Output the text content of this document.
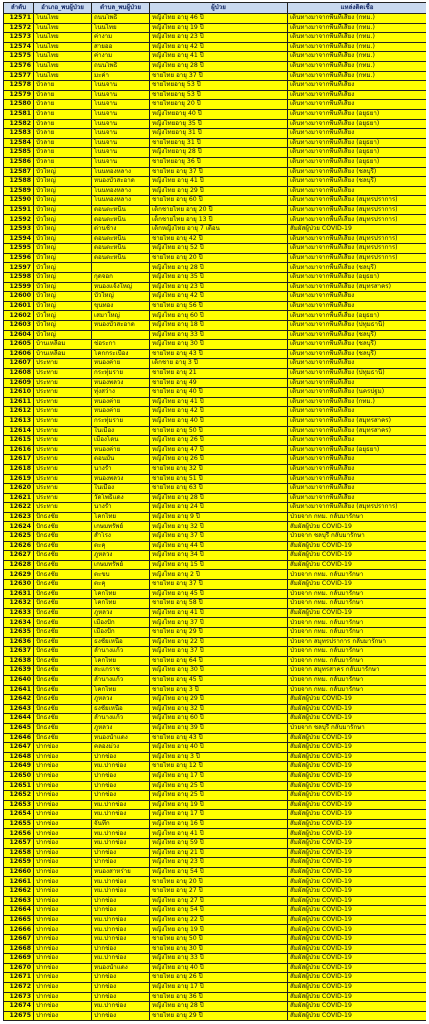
ลำดับ	อำเภอ_พบผู้ป่วย	ตำบล_พบผู้ป่วย	ผู้ป่วย	แหล่งติดเชื้อ
12571	โนนไทย	ถนนโพธิ์	หญิงไทย อายุ 46 ปี	เดินทางมาจากพื้นที่เสี่ยง (กทม.)
12572	โนนไทย	โนนไทย	หญิงไทย อายุ 19 ปี	เดินทางมาจากพื้นที่เสี่ยง (กทม.)
12573	โนนไทย	ค่างาม	หญิงไทย อายุ 23 ปี	เดินทางมาจากพื้นที่เสี่ยง (กทม.)
12574	โนนไทย	สายออ	หญิงไทย อายุ 42 ปี	เดินทางมาจากพื้นที่เสี่ยง (กทม.)
12575	โนนไทย	ค่างาม	หญิงไทย อายุ 41 ปี	เดินทางมาจากพื้นที่เสี่ยง (กทม.)
12576	โนนไทย	ถนนโพธิ์	หญิงไทย อายุ 28 ปี	เดินทางมาจากพื้นที่เสี่ยง (กทม.)
12577	โนนไทย	มะค่า	ชายไทย อายุ 37 ปี	เดินทางมาจากพื้นที่เสี่ยง (กทม.)
12578	บัวลาย	โนนจาน	ชายไทยอายุ 53 ปี	เดินทางมาจากพื้นที่เสี่ยง
12579	บัวลาย	โนนจาน	ชายไทยอายุ 53 ปี	เดินทางมาจากพื้นที่เสี่ยง
12580	บัวลาย	โนนจาน	ชายไทยอายุ 20 ปี	เดินทางมาจากพื้นที่เสี่ยง
12581	บัวลาย	โนนจาน	หญิงไทยอายุ 40 ปี	เดินทางมาจากพื้นที่เสี่ยง (อยุธยา)
12582	บัวลาย	โนนจาน	หญิงไทยอายุ 35 ปี	เดินทางมาจากพื้นที่เสี่ยง (อยุธยา)
12583	บัวลาย	โนนจาน	หญิงไทยอายุ 31 ปี	เดินทางมาจากพื้นที่เสี่ยง
12584	บัวลาย	โนนจาน	ชายไทยอายุ 31 ปี	เดินทางมาจากพื้นที่เสี่ยง (อยุธยา)
12585	บัวลาย	โนนจาน	หญิงไทยอายุ 28 ปี	เดินทางมาจากพื้นที่เสี่ยง (อยุธยา)
12586	บัวลาย	โนนจาน	ชายไทยอายุ 36 ปี	เดินทางมาจากพื้นที่เสี่ยง (อยุธยา)
12587	บัวใหญ่	โนนทองหลาง	ชายไทย อายุ 37 ปี	เดินทางมาจากพื้นที่เสี่ยง (ชลบุรี)
12588	บัวใหญ่	หนองบัวสะอาด	หญิงไทย อายุ 41 ปี	เดินทางมาจากพื้นที่เสี่ยง (ชลบุรี)
12589	บัวใหญ่	โนนทองหลาง	หญิงไทย อายุ 29 ปี	เดินทางมาจากพื้นที่เสี่ยง
12590	บัวใหญ่	โนนทองหลาง	ชายไทย อายุ 60 ปี	เดินทางมาจากพื้นที่เสี่ยง (สมุทรปราการ)
12591	บัวใหญ่	ดอนตะหนิน	เด็กชายไทย อายุ 20 ปี	เดินทางมาจากพื้นที่เสี่ยง (สมุทรปราการ)
12592	บัวใหญ่	ดอนตะหนิน	เด็กชายไทย อายุ 13 ปี	เดินทางมาจากพื้นที่เสี่ยง (สมุทรปราการ)
12593	บัวใหญ่	ด่านช้าง	เด็กหญิงไทย อายุ 7 เดือน	สัมผัสผู้ป่วย COVID-19
12594	บัวใหญ่	ดอนตะหนิน	ชายไทย อายุ 42 ปี	เดินทางมาจากพื้นที่เสี่ยง (สมุทรปราการ)
12595	บัวใหญ่	ดอนตะหนิน	หญิงไทย อายุ 52 ปี	เดินทางมาจากพื้นที่เสี่ยง (สมุทรปราการ)
12596	บัวใหญ่	ดอนตะหนิน	ชายไทย อายุ 20 ปี	เดินทางมาจากพื้นที่เสี่ยง (สมุทรปราการ)
12597	บัวใหญ่		หญิงไทย อายุ 28 ปี	เดินทางมาจากพื้นที่เสี่ยง (ชลบุรี)
12598	บัวใหญ่	กุดจอก	หญิงไทย อายุ 35 ปี	เดินทางมาจากพื้นที่เสี่ยง (อยุธยา)
12599	บัวใหญ่	หนองแจ้งใหญ่	หญิงไทย อายุ 23 ปี	เดินทางมาจากพื้นที่เสี่ยง (สมุทรสาคร)
12600	บัวใหญ่	บัวใหญ่	หญิงไทย อายุ 42 ปี	เดินทางมาจากพื้นที่เสี่ยง
12601	บัวใหญ่	ขุนทอง	ชายไทย อายุ 56 ปี	เดินทางมาจากพื้นที่เสี่ยง
12602	บัวใหญ่	เสมาใหญ่	หญิงไทย อายุ 60 ปี	เดินทางมาจากพื้นที่เสี่ยง (อยุธยา)
12603	บัวใหญ่	หนองบัวสะอาด	หญิงไทย อายุ 18 ปี	เดินทางมาจากพื้นที่เสี่ยง (ปทุมธานี)
12604	บัวใหญ่		หญิงไทย อายุ 33 ปี	เดินทางมาจากพื้นที่เสี่ยง (ชลบุรี)
12605	บ้านเหลื่อม	ช่อระกา	หญิงไทย อายุ 30 ปี	เดินทางมาจากพื้นที่เสี่ยง (ชลบุรี)
12606	บ้านเหลื่อม	โคกกระเบื้อง	ชายไทย อายุ 43 ปี	เดินทางมาจากพื้นที่เสี่ยง (ชลบุรี)
12607	ประทาย	หนองค่าย	เด็กชาย อายุ 3 ปี	เดินทางมาจากพื้นที่เสี่ยง
12608	ประทาย	กระทุ่มราย	ชายไทย อายุ 21	เดินทางมาจากพื้นที่เสี่ยง (ปทุมธานี)
12609	ประทาย	หนองพลวง	ชายไทย อายุ 49	เดินทางมาจากพื้นที่เสี่ยง
12610	ประทาย	ทุ่งสว่าง	ชายไทย อายุ 40 ปี	เดินทางมาจากพื้นที่เสี่ยง (นครปฐม)
12611	ประทาย	หนองค่าย	หญิงไทย อายุ 41 ปี	เดินทางมาจากพื้นที่เสี่ยง (กทม.)
12612	ประทาย	หนองค่าย	หญิงไทย อายุ 42 ปี	เดินทางมาจากพื้นที่เสี่ยง
12613	ประทาย	กระทุ่มราย	หญิงไทย อายุ 40 ปี	เดินทางมาจากพื้นที่เสี่ยง (สมุทรสาคร)
12614	ประทาย	ในเมือง	ชายไทย อายุ 50 ปี	เดินทางมาจากพื้นที่เสี่ยง (สมุทรสาคร)
12615	ประทาย	เมืองโดน	หญิงไทย อายุ 26 ปี	เดินทางมาจากพื้นที่เสี่ยง
12616	ประทาย	หนองค่าย	หญิงไทย อายุ 47 ปี	เดินทางมาจากพื้นที่เสี่ยง (อยุธยา)
12617	ประทาย	ดอนมัน	หญิงไทย อายุ 26 ปี	เดินทางมาจากพื้นที่เสี่ยง
12618	ประทาย	นางรำ	ชายไทย อายุ 32 ปี	เดินทางมาจากพื้นที่เสี่ยง
12619	ประทาย	หนองพลวง	ชายไทย อายุ 51 ปี	เดินทางมาจากพื้นที่เสี่ยง
12620	ประทาย	ในเมือง	ชายไทย อายุ 63 ปี	เดินทางมาจากพื้นที่เสี่ยง
12621	ประทาย	วัดโพธิ์แดง	หญิงไทย อายุ 28 ปี	เดินทางมาจากพื้นที่เสี่ยง
12622	ประทาย	นางรำ	หญิงไทย อายุ 24 ปี	เดินทางมาจากพื้นที่เสี่ยง (สมุทรปราการ)
12623	ปักธงชัย	โคกไทย	หญิงไทย อายุ 9 ปี	ป่วยจาก กทม. กลับมารักษา
12624	ปักธงชัย	เกษมทรัพย์	หญิงไทย อายุ 32 ปี	สัมผัสผู้ป่วย COVID-19
12625	ปักธงชัย	สำโรง	หญิงไทย อายุ 37 ปี	ป่วยจาก ชลบุรี กลับมารักษา
12626	ปักธงชัย	ตะคุ	หญิงไทย อายุ 44 ปี	สัมผัสผู้ป่วย COVID-19
12627	ปักธงชัย	ภูหลวง	หญิงไทย อายุ 34 ปี	สัมผัสผู้ป่วย COVID-19
12628	ปักธงชัย	เกษมทรัพย์	หญิงไทย อายุ 15 ปี	สัมผัสผู้ป่วย COVID-19
12629	ปักธงชัย	ตะขบ	หญิงไทย อายุ 2 ปี	ป่วยจาก กทม. กลับมารักษา
12630	ปักธงชัย	ตะคุ	ชายไทย อายุ 37 ปี	สัมผัสผู้ป่วย COVID-19
12631	ปักธงชัย	โคกไทย	หญิงไทย อายุ 45 ปี	ป่วยจาก กทม. กลับมารักษา
12632	ปักธงชัย	โคกไทย	ชายไทย อายุ 58 ปี	ป่วยจาก กทม. กลับมารักษา
12633	ปักธงชัย	ภูหลวง	หญิงไทย อายุ 41 ปี	สัมผัสผู้ป่วย COVID-19
12634	ปักธงชัย	เมืองปัก	หญิงไทย อายุ 37 ปี	ป่วยจาก กทม. กลับมารักษา
12635	ปักธงชัย	เมืองปัก	ชายไทย อายุ 29 ปี	ป่วยจาก กทม. กลับมารักษา
12636	ปักธงชัย	ธงชัยเหนือ	หญิงไทย อายุ 22 ปี	ป่วยจาก สมุทรปราการ กลับมารักษา
12637	ปักธงชัย	ลำนางแก้ว	หญิงไทย อายุ 37 ปี	ป่วยจาก กทม. กลับมารักษา
12638	ปักธงชัย	โคกไทย	ชายไทย อายุ 64 ปี	ป่วยจาก กทม. กลับมารักษา
12639	ปักธงชัย	สะแกราช	หญิงไทย อายุ 30 ปี	ป่วยจาก สมุทรสาคร กลับมารักษา
12640	ปักธงชัย	ลำนางแก้ว	ชายไทย อายุ 45 ปี	ป่วยจาก กทม. กลับมารักษา
12641	ปักธงชัย	โคกไทย	ชายไทย อายุ 3 ปี	ป่วยจาก กทม. กลับมารักษา
12642	ปักธงชัย	ภูหลวง	หญิงไทย อายุ 29 ปี	สัมผัสผู้ป่วย COVID-19
12643	ปักธงชัย	ธงชัยเหนือ	หญิงไทย อายุ 32 ปี	สัมผัสผู้ป่วย COVID-19
12644	ปักธงชัย	ลำนางแก้ว	หญิงไทย อายุ 60 ปี	สัมผัสผู้ป่วย COVID-19
12645	ปักธงชัย	ภูหลวง	หญิงไทย อายุ 39 ปี	ป่วยจาก ชลบุรี กลับมารักษา
12646	ปักธงชัย	หนองน้ำแดง	ชายไทย อายุ 43 ปี	สัมผัสผู้ป่วย COVID-19
12647	ปากช่อง	คลองม่วง	หญิงไทย อายุ 40 ปี	สัมผัสผู้ป่วย COVID-19
12648	ปากช่อง	ปากช่อง	หญิงไทย อายุ 3 ปี	สัมผัสผู้ป่วย COVID-19
12649	ปากช่อง	ทม.ปากช่อง	ชายไทย อายุ 12 ปี	สัมผัสผู้ป่วย COVID-19
12650	ปากช่อง	ปากช่อง	หญิงไทย อายุ 17 ปี	สัมผัสผู้ป่วย COVID-19
12651	ปากช่อง	ปากช่อง	หญิงไทย อายุ 25 ปี	สัมผัสผู้ป่วย COVID-19
12652	ปากช่อง	ปากช่อง	หญิงไทย อายุ 25 ปี	สัมผัสผู้ป่วย COVID-19
12653	ปากช่อง	ทม.ปากช่อง	หญิงไทย อายุ 19 ปี	สัมผัสผู้ป่วย COVID-19
12654	ปากช่อง	ทม.ปากช่อง	หญิงไทย อายุ 17 ปี	สัมผัสผู้ป่วย COVID-19
12655	ปากช่อง	จันทึก	หญิงไทย อายุ 16 ปี	สัมผัสผู้ป่วย COVID-19
12656	ปากช่อง	ทม.ปากช่อง	หญิงไทย อายุ 41 ปี	สัมผัสผู้ป่วย COVID-19
12657	ปากช่อง	ทม.ปากช่อง	หญิงไทย อายุ 59 ปี	สัมผัสผู้ป่วย COVID-19
12658	ปากช่อง	ปากช่อง	หญิงไทย อายุ 21 ปี	สัมผัสผู้ป่วย COVID-19
12659	ปากช่อง	ปากช่อง	หญิงไทย อายุ 23 ปี	สัมผัสผู้ป่วย COVID-19
12660	ปากช่อง	หนองสาหร่าย	หญิงไทย อายุ 54 ปี	สัมผัสผู้ป่วย COVID-19
12661	ปากช่อง	ทม.ปากช่อง	ชายไทย อายุ 20 ปี	สัมผัสผู้ป่วย COVID-19
12662	ปากช่อง	ทม.ปากช่อง	ชายไทย อายุ 27 ปี	สัมผัสผู้ป่วย COVID-19
12663	ปากช่อง	ปากช่อง	หญิงไทย อายุ 27 ปี	สัมผัสผู้ป่วย COVID-19
12664	ปากช่อง	ปากช่อง	หญิงไทย อายุ 54 ปี	สัมผัสผู้ป่วย COVID-19
12665	ปากช่อง	ทม.ปากช่อง	หญิงไทย อายุ 22 ปี	สัมผัสผู้ป่วย COVID-19
12666	ปากช่อง	ทม.ปากช่อง	หญิงไทย อายุ 19 ปี	สัมผัสผู้ป่วย COVID-19
12667	ปากช่อง	ทม.ปากช่อง	ชายไทย อายุ 50 ปี	สัมผัสผู้ป่วย COVID-19
12668	ปากช่อง	ปากช่อง	ชายไทย อายุ 30 ปี	สัมผัสผู้ป่วย COVID-19
12669	ปากช่อง	ทม.ปากช่อง	หญิงไทย อายุ 33 ปี	สัมผัสผู้ป่วย COVID-19
12670	ปากช่อง	หนองน้ำแดง	หญิงไทย อายุ 40 ปี	สัมผัสผู้ป่วย COVID-19
12671	ปากช่อง	ปากช่อง	ชายไทย อายุ 26 ปี	สัมผัสผู้ป่วย COVID-19
12672	ปากช่อง	ปากช่อง	หญิงไทย อายุ 17 ปี	สัมผัสผู้ป่วย COVID-19
12673	ปากช่อง	ปากช่อง	ชายไทย อายุ 36 ปี	สัมผัสผู้ป่วย COVID-19
12674	ปากช่อง	ทม.ปากช่อง	หญิงไทย อายุ 28 ปี	สัมผัสผู้ป่วย COVID-19
12675	ปากช่อง	ปากช่อง	ชายไทย อายุ 29 ปี	สัมผัสผู้ป่วย COVID-19
